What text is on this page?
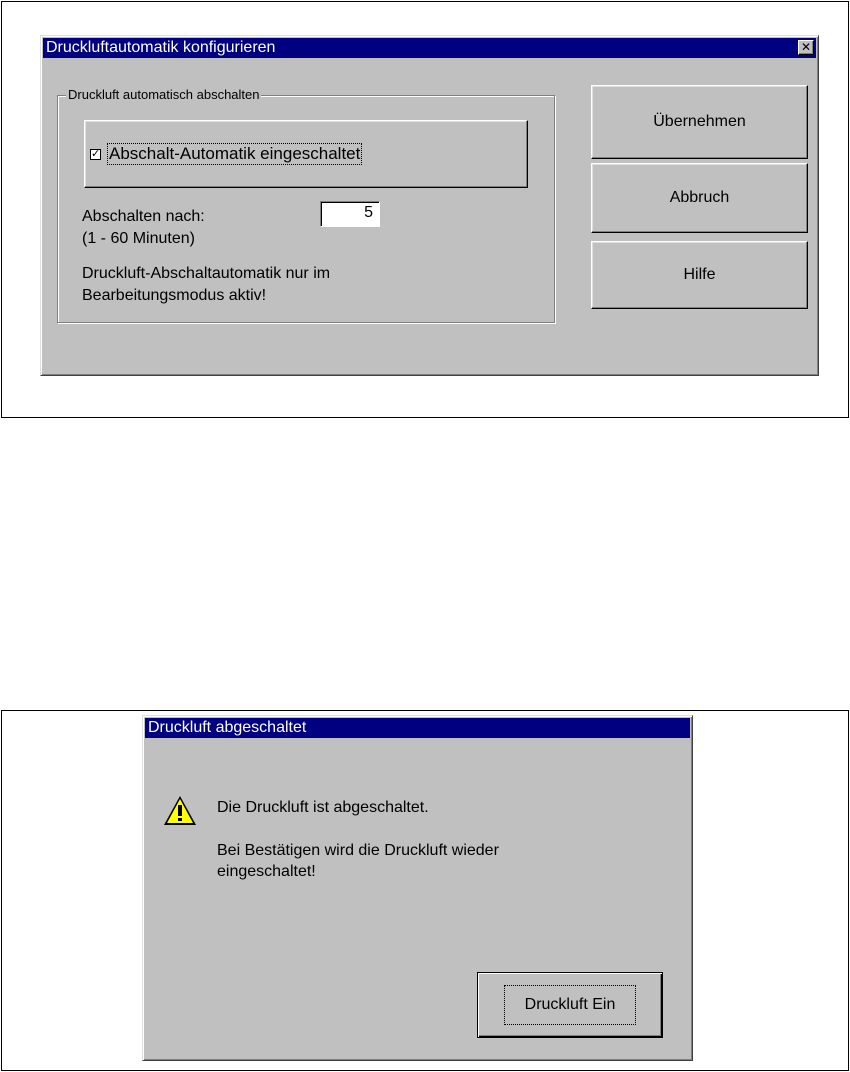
Druckluftautomatik konfigurieren	✕
Druckluft automatisch abschalten
✓ Abschalt-Automatik eingeschaltet
Abschalten nach:
(1 - 60 Minuten)
5
Druckluft-Abschaltautomatik nur im
Bearbeitungsmodus aktiv!
Übernehmen
Abbruch
Hilfe
Druckluft abgeschaltet
Die Druckluft ist abgeschaltet.
Bei Bestätigen wird die Druckluft wieder
eingeschaltet!
Druckluft Ein
